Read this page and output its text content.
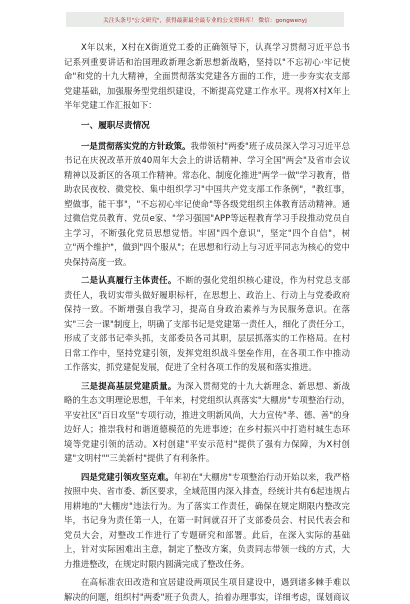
关注头条号"公文研究"，获得最新最全最专业的公文资料库！ 微信：gongwenyj

X年以来，X村在X街道党工委的正确领导下，认真学习贯彻习近平总书记系列重要讲话和治国理政新理念新思想新战略，坚持以"不忘初心·牢记使命"和党的十九大精神，全面贯彻落实党建各方面的工作，进一步夯实农支部党建基础，加强服务型党组织建设，不断提高党建工作水平。现将X村X年上半年党建工作汇报如下：

一、履职尽责情况

一是贯彻落实党的方针政策。我带领村"两委"班子成员深入学习习近平总书记在庆祝改革开放40周年大会上的讲话精神、学习全国"两会"及省市会议精神以及新区的各项工作精神。常态化、制度化推进"两学一做"学习教育，借助农民夜校、微党校、集中组织学习"中国共产党支部工作条例"，"教红事，塑做事，能干事"，"不忘初心牢记使命"等各级党组织主体教育活动精神。通过微信党员教育、党员e家、"学习强国"APP等远程教育学习手段推动党员自主学习，不断强化党员思想觉悟。牢固"四个意识"，坚定"四个自信"，树立"两个维护"，做到"四个服从"；在思想和行动上与习近平同志为核心的党中央保持高度一致。

二是认真履行主体责任。不断的强化党组织核心建设，作为村党总支部责任人，我切实带头做好履职标杆，在思想上、政治上、行动上与党委政府保持一致。不断增强自我学习，提高自身政治素养与为民服务意识。在落实"三会一课"制度上，明确了支部书记是党建第一责任人，细化了责任分工，形成了支部书记牵头抓，支部委员各司其职，层层抓落实的工作格局。在村日常工作中，坚持党建引领，发挥党组织战斗堡垒作用，在各项工作中推动工作落实，抓党建促发展，促进了全村各项工作的发展和落实推进。

三是提高基层党建质量。为深入贯彻党的十九大新理念、新思想、新战略的生态文明理论思想，千年来，村党组织认真落实"大棚房"专项整治行动，平安社区"百日攻坚"专项行动，推进文明新风尚，大力宣传"孝、德、善"的身边好人；推崇我村和谐道德模范的先进事迹；在乡村振兴中打造村城生态环境等党建引领的活动。X村创建"平安示范村"提供了强有力保障，为X村创建"文明村""三美新村"提供了有利条件。

四是党建引领攻坚克难。年初在"大棚房"专项整治行动开始以来，我严格按照中央、省市委、新区要求，全域范围内深入排查，经统计共有6起违规占用耕地的"大棚房"违法行为。为了落实工作责任，确保在规定期限内整改完毕，书记身为责任第一人，在第一时间就召开了支部委员会、村民代表会和党员大会，对整改工作进行了专题研究和部署。此后，在深入实际的基础上，针对实际困难出主意，制定了整改方案，负责同志带领一线的方式，大力推进整改，在规定时限内圆满完成了整改任务。

在高标准农田改造和宜居建设两项民生项目建设中，遇到诸多棘手难以解决的问题，组织村"两委"班子负责人，抬着办理事实，详细考虑，谋划商议
